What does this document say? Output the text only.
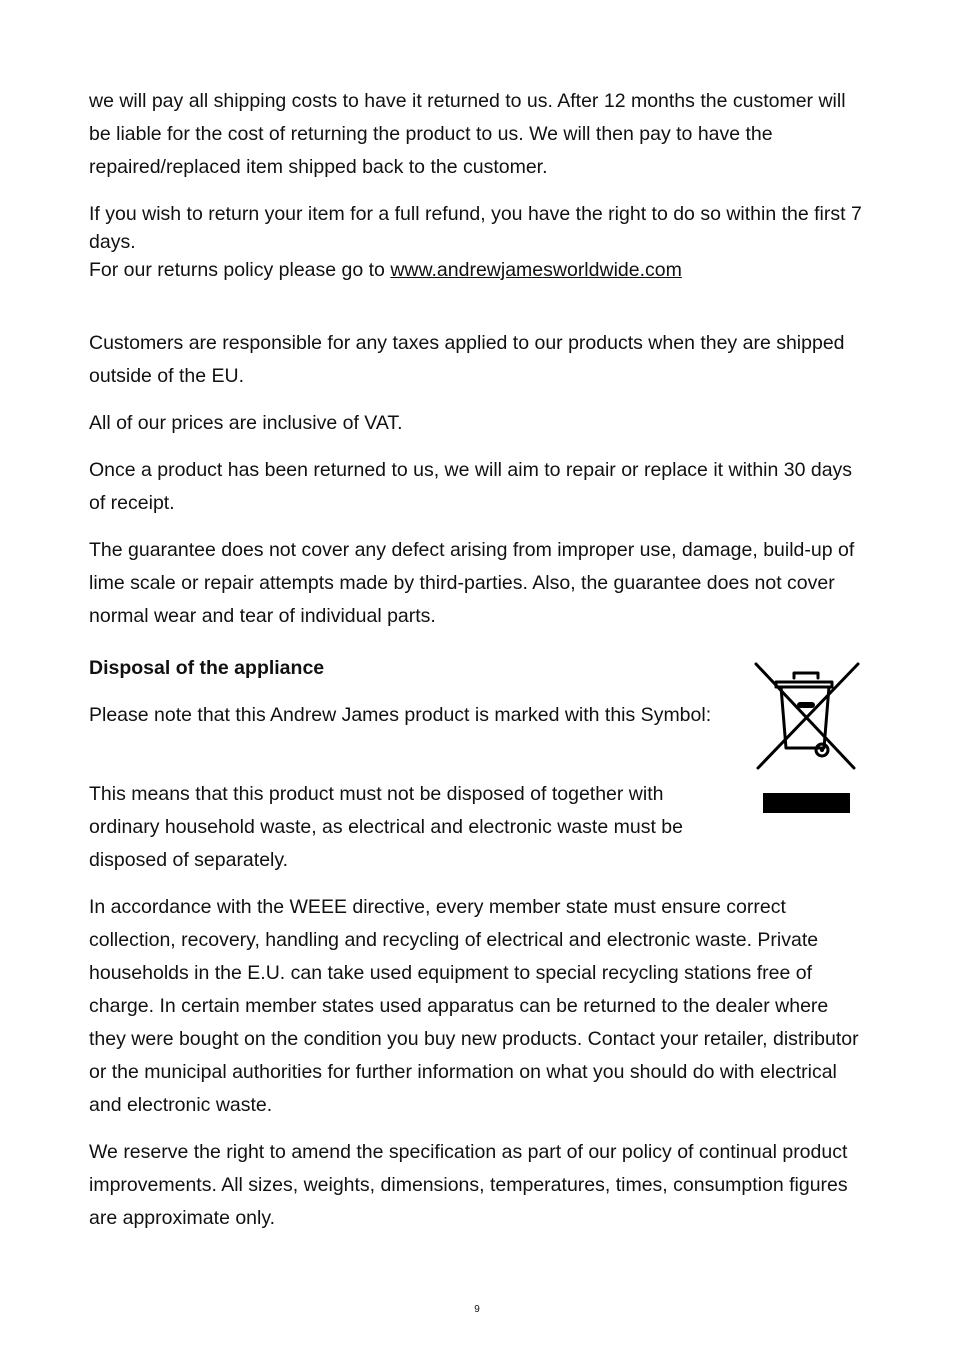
we will pay all shipping costs to have it returned to us. After 12 months the customer will be liable for the cost of returning the product to us. We will then pay to have the repaired/replaced item shipped back to the customer.

If you wish to return your item for a full refund, you have the right to do so within the first 7 days.
For our returns policy please go to www.andrewjamesworldwide.com

Customers are responsible for any taxes applied to our products when they are shipped outside of the EU.

All of our prices are inclusive of VAT.

Once a product has been returned to us, we will aim to repair or replace it within 30 days of receipt.

The guarantee does not cover any defect arising from improper use, damage, build-up of lime scale or repair attempts made by third-parties. Also, the guarantee does not cover normal wear and tear of individual parts.

Disposal of the appliance

Please note that this Andrew James product is marked with this Symbol:

This means that this product must not be disposed of together with ordinary household waste, as electrical and electronic waste must be disposed of separately.

In accordance with the WEEE directive, every member state must ensure correct collection, recovery, handling and recycling of electrical and electronic waste. Private households in the E.U. can take used equipment to special recycling stations free of charge. In certain member states used apparatus can be returned to the dealer where they were bought on the condition you buy new products. Contact your retailer, distributor or the municipal authorities for further information on what you should do with electrical and electronic waste.

We reserve the right to amend the specification as part of our policy of continual product improvements. All sizes, weights, dimensions, temperatures, times, consumption figures are approximate only.

9
